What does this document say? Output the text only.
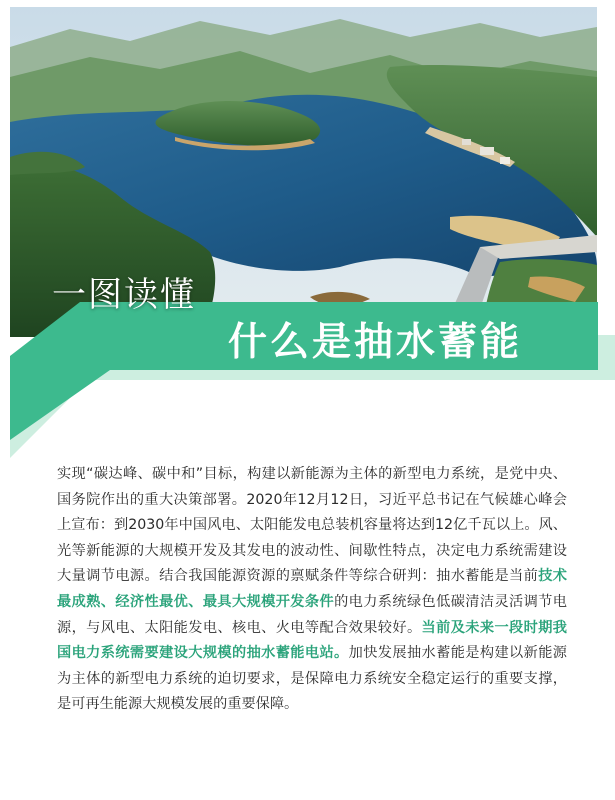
一图读懂
什么是抽水蓄能

实现“碳达峰、碳中和”目标，构建以新能源为主体的新型电力系统，是党中央、国务院作出的重大决策部署。2020年12月12日，习近平总书记在气候雄心峰会上宣布：到2030年中国风电、太阳能发电总装机容量将达到12亿千瓦以上。风、光等新能源的大规模开发及其发电的波动性、间歇性特点，决定电力系统需建设大量调节电源。结合我国能源资源的禀赋条件等综合研判：抽水蓄能是当前技术最成熟、经济性最优、最具大规模开发条件的电力系统绿色低碳清洁灵活调节电源，与风电、太阳能发电、核电、火电等配合效果较好。当前及未来一段时期我国电力系统需要建设大规模的抽水蓄能电站。加快发展抽水蓄能是构建以新能源为主体的新型电力系统的迫切要求，是保障电力系统安全稳定运行的重要支撑，是可再生能源大规模发展的重要保障。
